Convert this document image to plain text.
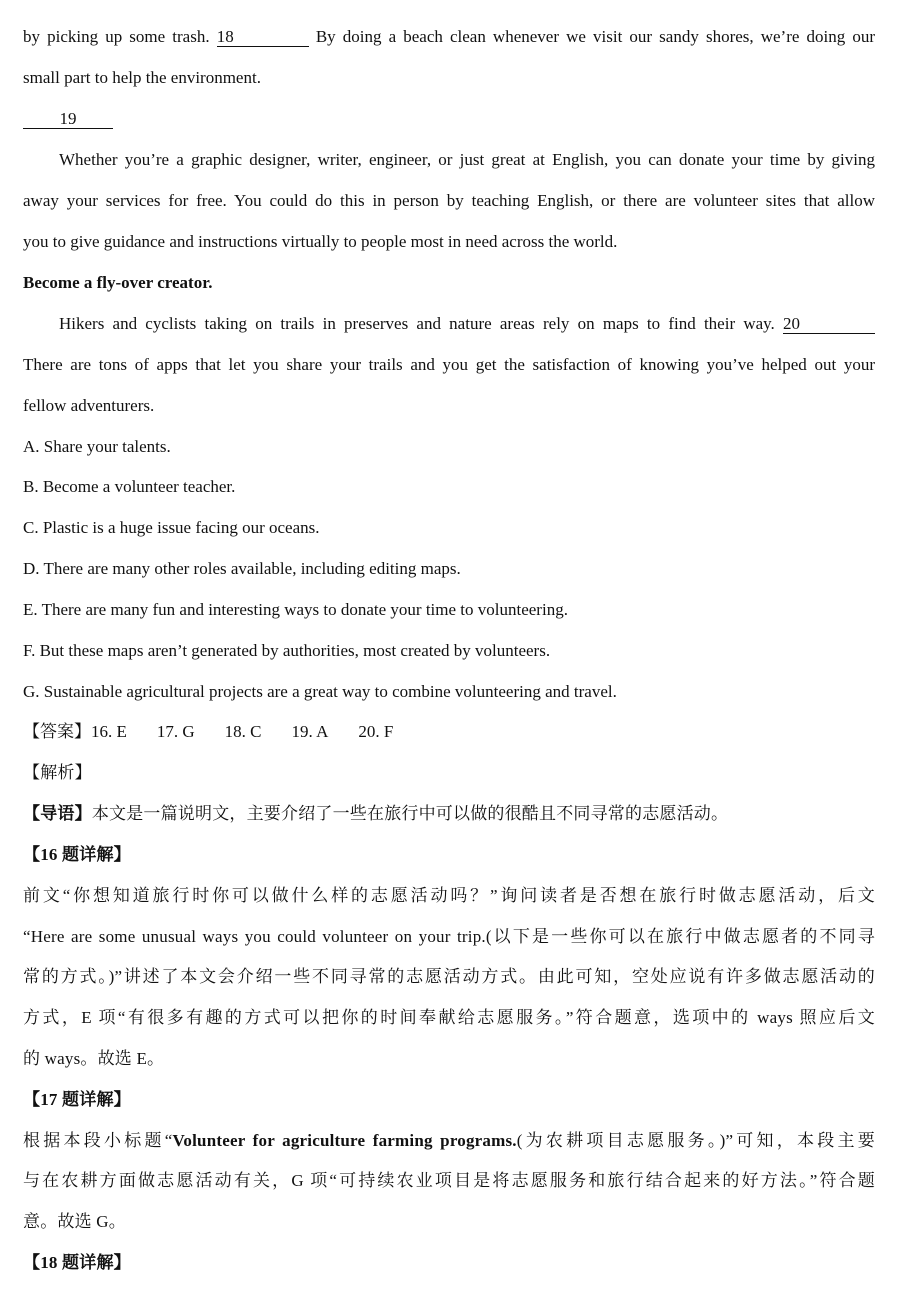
by picking up some trash. 18	By doing a beach clean whenever we visit our sandy shores, we’re doing our
small part to help the environment.
19
Whether you’re a graphic designer, writer, engineer, or just great at English, you can donate your time by giving
away your services for free. You could do this in person by teaching English, or there are volunteer sites that allow
you to give guidance and instructions virtually to people most in need across the world.
Become a fly-over creator.
Hikers and cyclists taking on trails in preserves and nature areas rely on maps to find their way. 20
There are tons of apps that let you share your trails and you get the satisfaction of knowing you’ve helped out your
fellow adventurers.
A. Share your talents.
B. Become a volunteer teacher.
C. Plastic is a huge issue facing our oceans.
D. There are many other roles available, including editing maps.
E. There are many fun and interesting ways to donate your time to volunteering.
F. But these maps aren’t generated by authorities, most created by volunteers.
G. Sustainable agricultural projects are a great way to combine volunteering and travel.
【答案】16. E 17. G 18. C 19. A 20. F
【解析】
【导语】本文是一篇说明文，主要介绍了一些在旅行中可以做的很酷且不同寻常的志愿活动。
【16 题详解】
前文“你想知道旅行时你可以做什么样的志愿活动吗？”询问读者是否想在旅行时做志愿活动，后文
“Here are some unusual ways you could volunteer on your trip.(以下是一些你可以在旅行中做志愿者的不同寻
常的方式。)”讲述了本文会介绍一些不同寻常的志愿活动方式。由此可知，空处应说有许多做志愿活动的
方式，E 项“有很多有趣的方式可以把你的时间奉献给志愿服务。”符合题意，选项中的 ways 照应后文
的 ways。故选 E。
【17 题详解】
根据本段小标题“Volunteer for agriculture farming programs.(为农耕项目志愿服务。)”可知，本段主要
与在农耕方面做志愿活动有关，G 项“可持续农业项目是将志愿服务和旅行结合起来的好方法。”符合题
意。故选 G。
【18 题详解】
